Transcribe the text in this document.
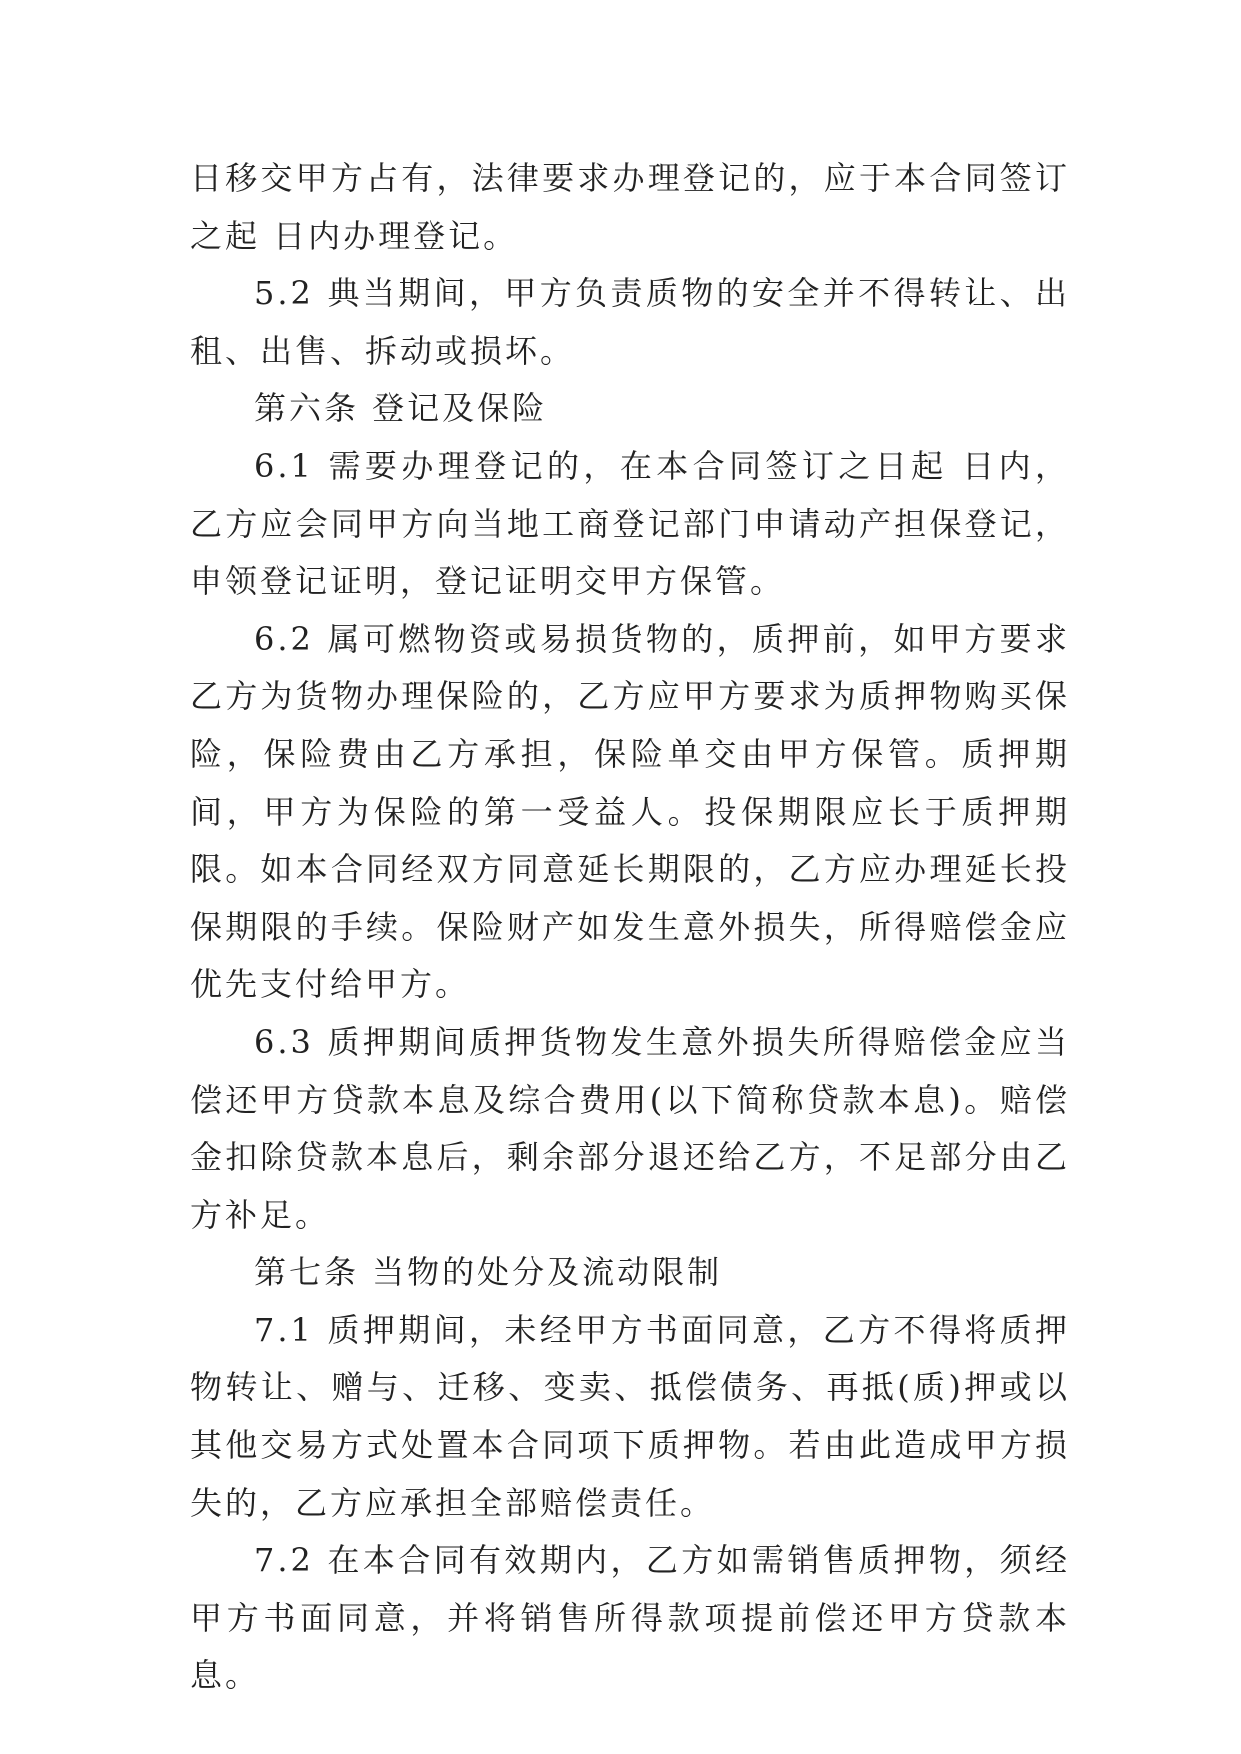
日移交甲方占有，法律要求办理登记的，应于本合同签订之起 日内办理登记。

5.2 典当期间，甲方负责质物的安全并不得转让、出租、出售、拆动或损坏。

第六条 登记及保险

6.1 需要办理登记的，在本合同签订之日起 日内，乙方应会同甲方向当地工商登记部门申请动产担保登记，申领登记证明，登记证明交甲方保管。

6.2 属可燃物资或易损货物的，质押前，如甲方要求乙方为货物办理保险的，乙方应甲方要求为质押物购买保险，保险费由乙方承担，保险单交由甲方保管。质押期间，甲方为保险的第一受益人。投保期限应长于质押期限。如本合同经双方同意延长期限的，乙方应办理延长投保期限的手续。保险财产如发生意外损失，所得赔偿金应优先支付给甲方。

6.3 质押期间质押货物发生意外损失所得赔偿金应当偿还甲方贷款本息及综合费用(以下简称贷款本息)。赔偿金扣除贷款本息后，剩余部分退还给乙方，不足部分由乙方补足。

第七条 当物的处分及流动限制

7.1 质押期间，未经甲方书面同意，乙方不得将质押物转让、赠与、迁移、变卖、抵偿债务、再抵(质)押或以其他交易方式处置本合同项下质押物。若由此造成甲方损失的，乙方应承担全部赔偿责任。

7.2 在本合同有效期内，乙方如需销售质押物，须经甲方书面同意，并将销售所得款项提前偿还甲方贷款本息。
